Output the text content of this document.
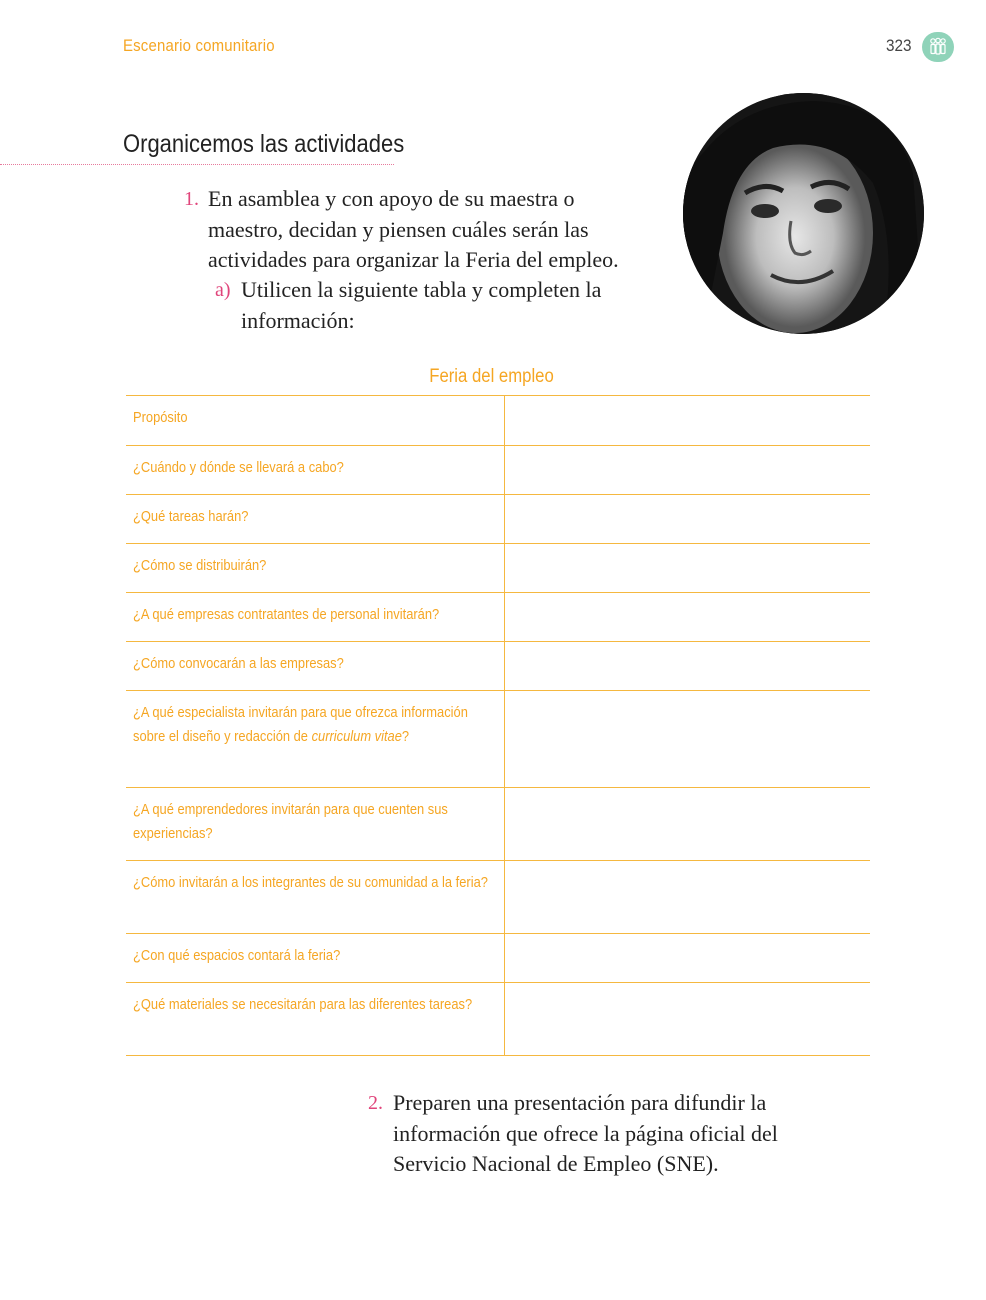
Escenario comunitario	323
Organicemos las actividades
1. En asamblea y con apoyo de su maestra o maestro, decidan y piensen cuáles serán las actividades para organizar la Feria del empleo.
a) Utilicen la siguiente tabla y completen la información:
Feria del empleo
Propósito	
¿Cuándo y dónde se llevará a cabo?	
¿Qué tareas harán?	
¿Cómo se distribuirán?	
¿A qué empresas contratantes de personal invitarán?	
¿Cómo convocarán a las empresas?	
¿A qué especialista invitarán para que ofrezca información sobre el diseño y redacción de curriculum vitae?	
¿A qué emprendedores invitarán para que cuenten sus experiencias?	
¿Cómo invitarán a los integrantes de su comunidad a la feria?	
¿Con qué espacios contará la feria?	
¿Qué materiales se necesitarán para las diferentes tareas?	
2. Preparen una presentación para difundir la información que ofrece la página oficial del Servicio Nacional de Empleo (SNE).
